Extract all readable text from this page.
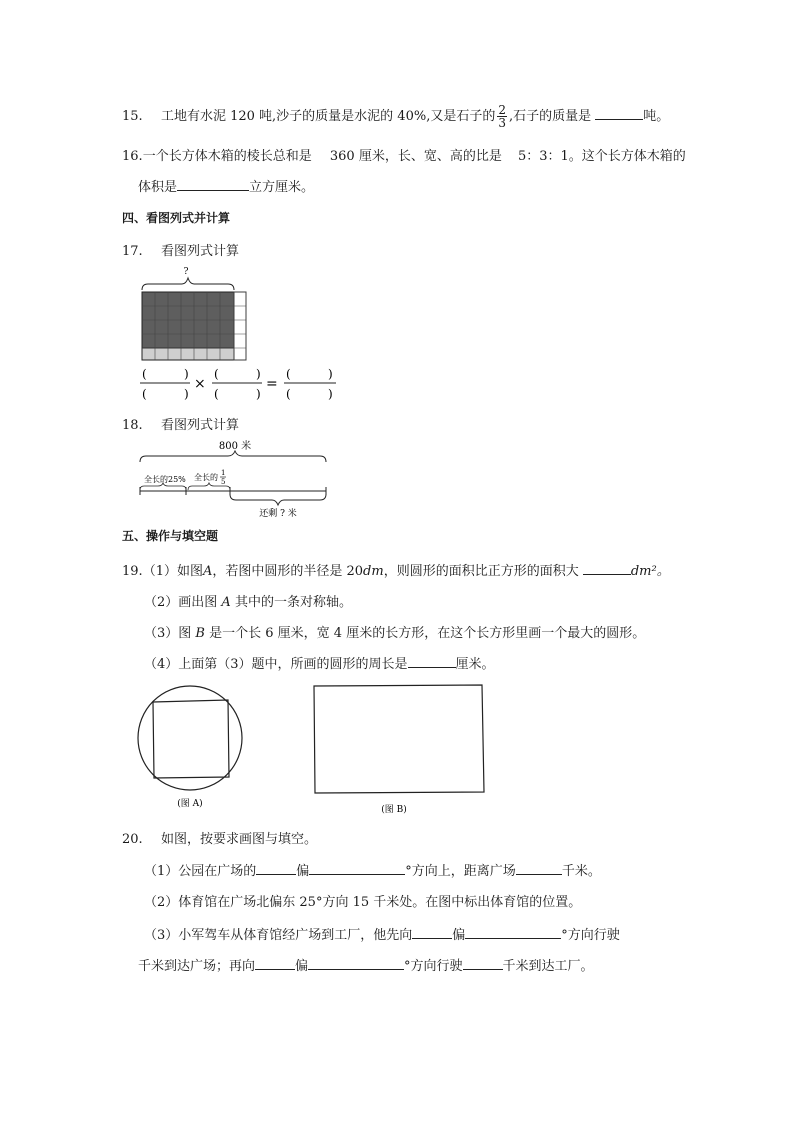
15. 工地有水泥 120 吨,沙子的质量是水泥的 40%,又是石子的 $\frac{2}{3}$ ,石子的质量是	吨。
16.一个长方体木箱的棱长总和是 360 厘米，长、宽、高的比是 5：3：1。这个长方体木箱的
体积是	立方厘米。
四、看图列式并计算
17. 看图列式计算
?
(	)
(	)
×
(	)
(	)
=
(	)
(	)
18. 看图列式计算
800 米
全长的25% 全长的 1
5
还剩 ? 米
五、操作与填空题
19.（1）如图A，若图中圆形的半径是 20dm，则圆形的面积比正方形的面积大	dm²。
（2）画出图 A 其中的一条对称轴。
（3）图 B 是一个长 6 厘米，宽 4 厘米的长方形，在这个长方形里画一个最大的圆形。
（4）上面第（3）题中，所画的圆形的周长是	厘米。
(图 A)
(图 B)
20. 如图，按要求画图与填空。
（1）公园在广场的	偏	°方向上，距离广场	千米。
（2）体育馆在广场北偏东 25°方向 15 千米处。在图中标出体育馆的位置。
（3）小军驾车从体育馆经广场到工厂，他先向	偏	°方向行驶
千米到达广场；再向	偏	°方向行驶	千米到达工厂。
